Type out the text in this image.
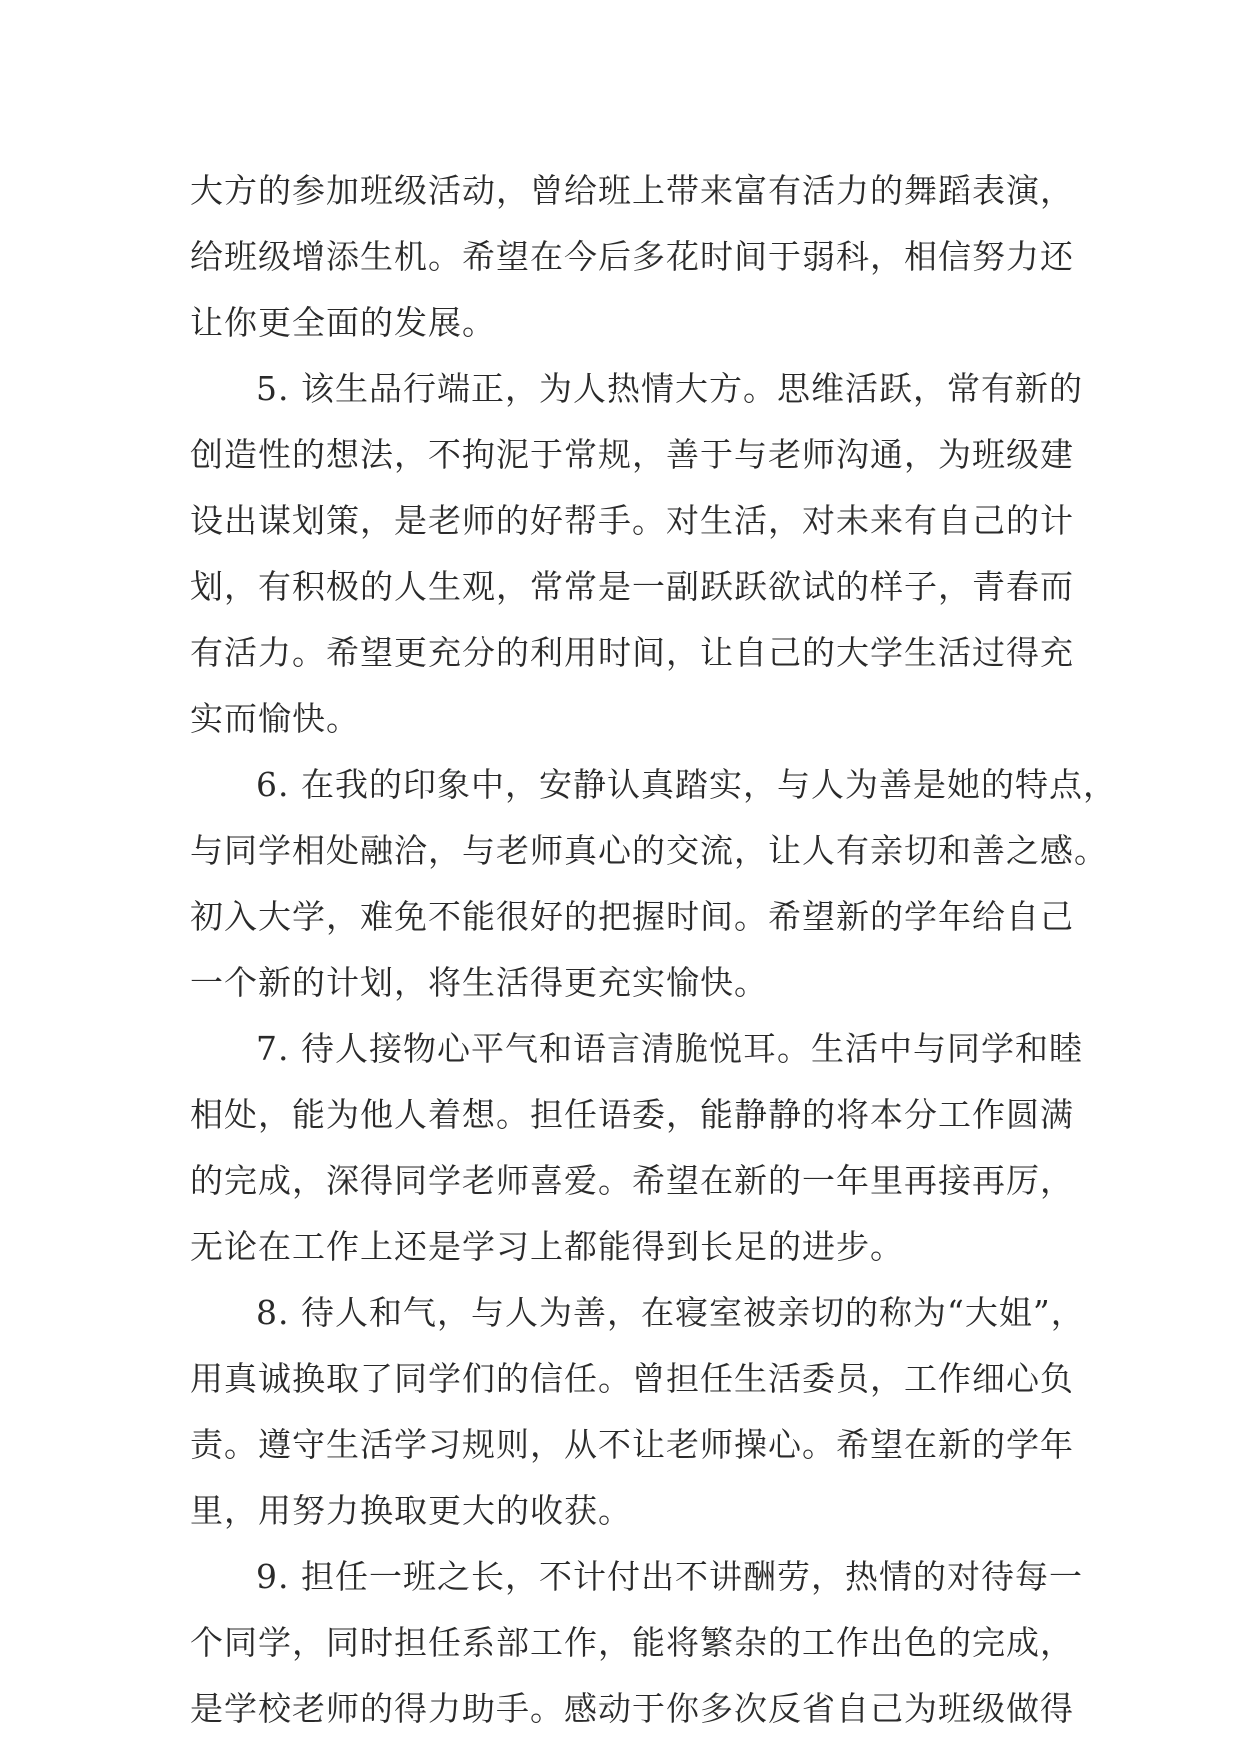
大方的参加班级活动，曾给班上带来富有活力的舞蹈表演，
给班级增添生机。希望在今后多花时间于弱科，相信努力还
让你更全面的发展。
5. 该生品行端正，为人热情大方。思维活跃，常有新的
创造性的想法，不拘泥于常规，善于与老师沟通，为班级建
设出谋划策，是老师的好帮手。对生活，对未来有自己的计
划，有积极的人生观，常常是一副跃跃欲试的样子，青春而
有活力。希望更充分的利用时间，让自己的大学生活过得充
实而愉快。
6. 在我的印象中，安静认真踏实，与人为善是她的特点，
与同学相处融洽，与老师真心的交流，让人有亲切和善之感。
初入大学，难免不能很好的把握时间。希望新的学年给自己
一个新的计划，将生活得更充实愉快。
7. 待人接物心平气和语言清脆悦耳。生活中与同学和睦
相处，能为他人着想。担任语委，能静静的将本分工作圆满
的完成，深得同学老师喜爱。希望在新的一年里再接再厉，
无论在工作上还是学习上都能得到长足的进步。
8. 待人和气，与人为善，在寝室被亲切的称为“大姐”，
用真诚换取了同学们的信任。曾担任生活委员，工作细心负
责。遵守生活学习规则，从不让老师操心。希望在新的学年
里，用努力换取更大的收获。
9. 担任一班之长，不计付出不讲酬劳，热情的对待每一
个同学，同时担任系部工作，能将繁杂的工作出色的完成，
是学校老师的得力助手。感动于你多次反省自己为班级做得
